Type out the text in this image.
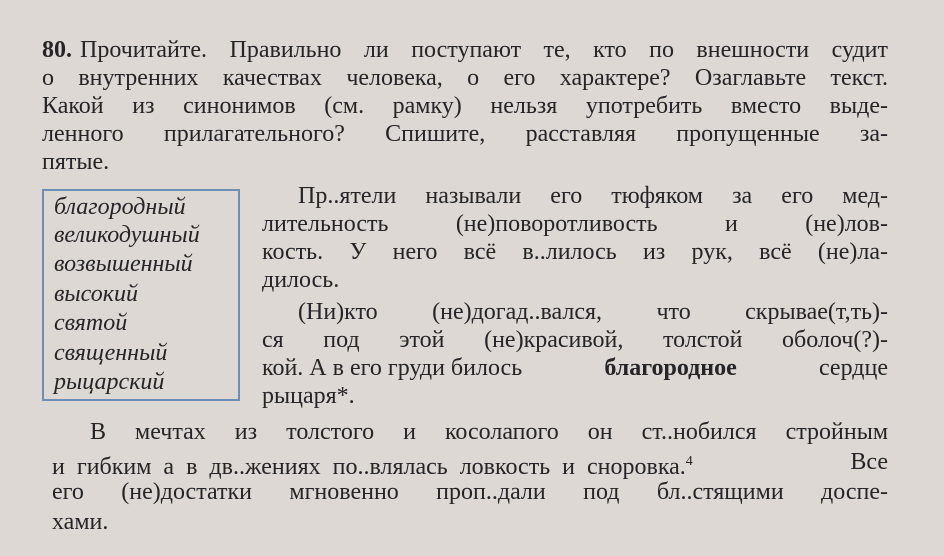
80. Прочитайте. Правильно ли поступают те, кто по внешности судит
о внутренних качествах человека, о его характере? Озаглавьте текст.
Какой из синонимов (см. рамку) нельзя употребить вместо выде-
ленного прилагательного? Спишите, расставляя пропущенные за-
пятые.
благородный
великодушный
возвышенный
высокий
святой
священный
рыцарский
Пр..ятели называли его тюфяком за его мед-
лительность (не)поворотливость и (не)лов-
кость. У него всё в..лилось из рук, всё (не)ла-
дилось.
(Ни)кто (не)догад..вался, что скрывае(т,ть)-
ся под этой (не)красивой, толстой оболоч(?)-
кой. А в его груди билось	благородное	сердце
рыцаря*.
В мечтах из толстого и косолапого он ст..нобился стройным
и гибким а в дв..жениях по..влялась ловкость и сноровка.$^4$	Все
его (не)достатки мгновенно проп..дали под бл..стящими доспе-
хами.
